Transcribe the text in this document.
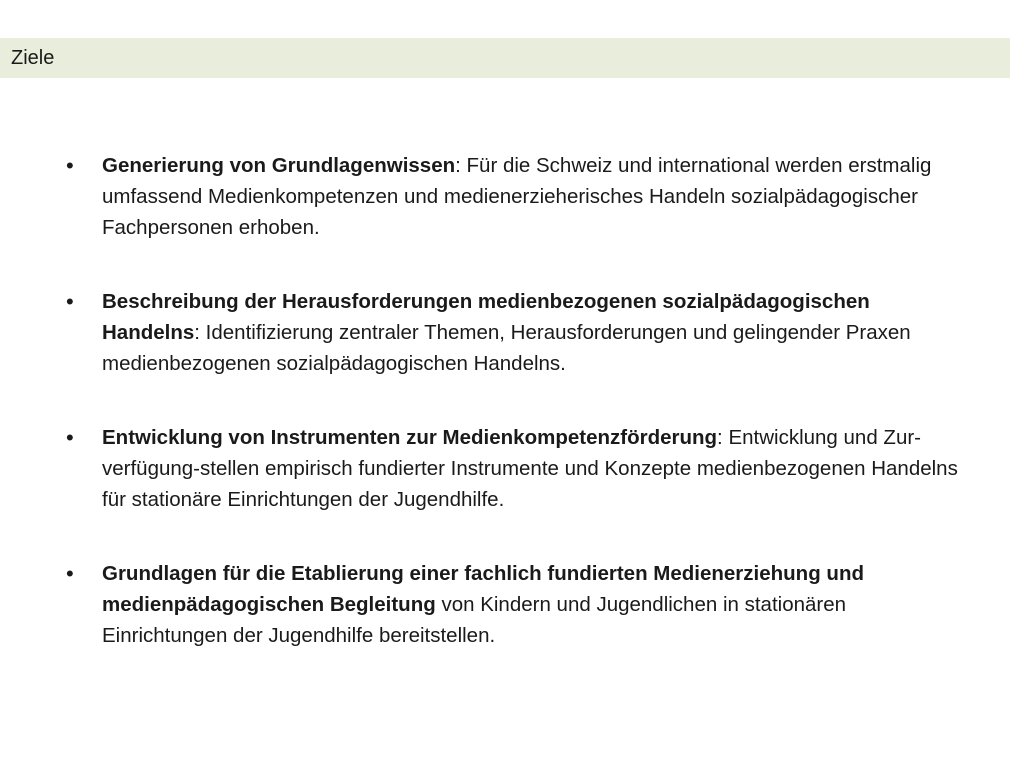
Ziele
• Generierung von Grundlagenwissen: Für die Schweiz und international werden erstmalig umfassend Medienkompetenzen und medienerzieherisches Handeln sozialpädagogischer Fachpersonen erhoben.
• Beschreibung der Herausforderungen medienbezogenen sozialpädagogischen Handelns: Identifizierung zentraler Themen, Herausforderungen und gelingender Praxen medienbezogenen sozialpädagogischen Handelns.
• Entwicklung von Instrumenten zur Medienkompetenzförderung: Entwicklung und Zur-verfügung-stellen empirisch fundierter Instrumente und Konzepte medienbezogenen Handelns für stationäre Einrichtungen der Jugendhilfe.
• Grundlagen für die Etablierung einer fachlich fundierten Medienerziehung und medienpädagogischen Begleitung von Kindern und Jugendlichen in stationären Einrichtungen der Jugendhilfe bereitstellen.
